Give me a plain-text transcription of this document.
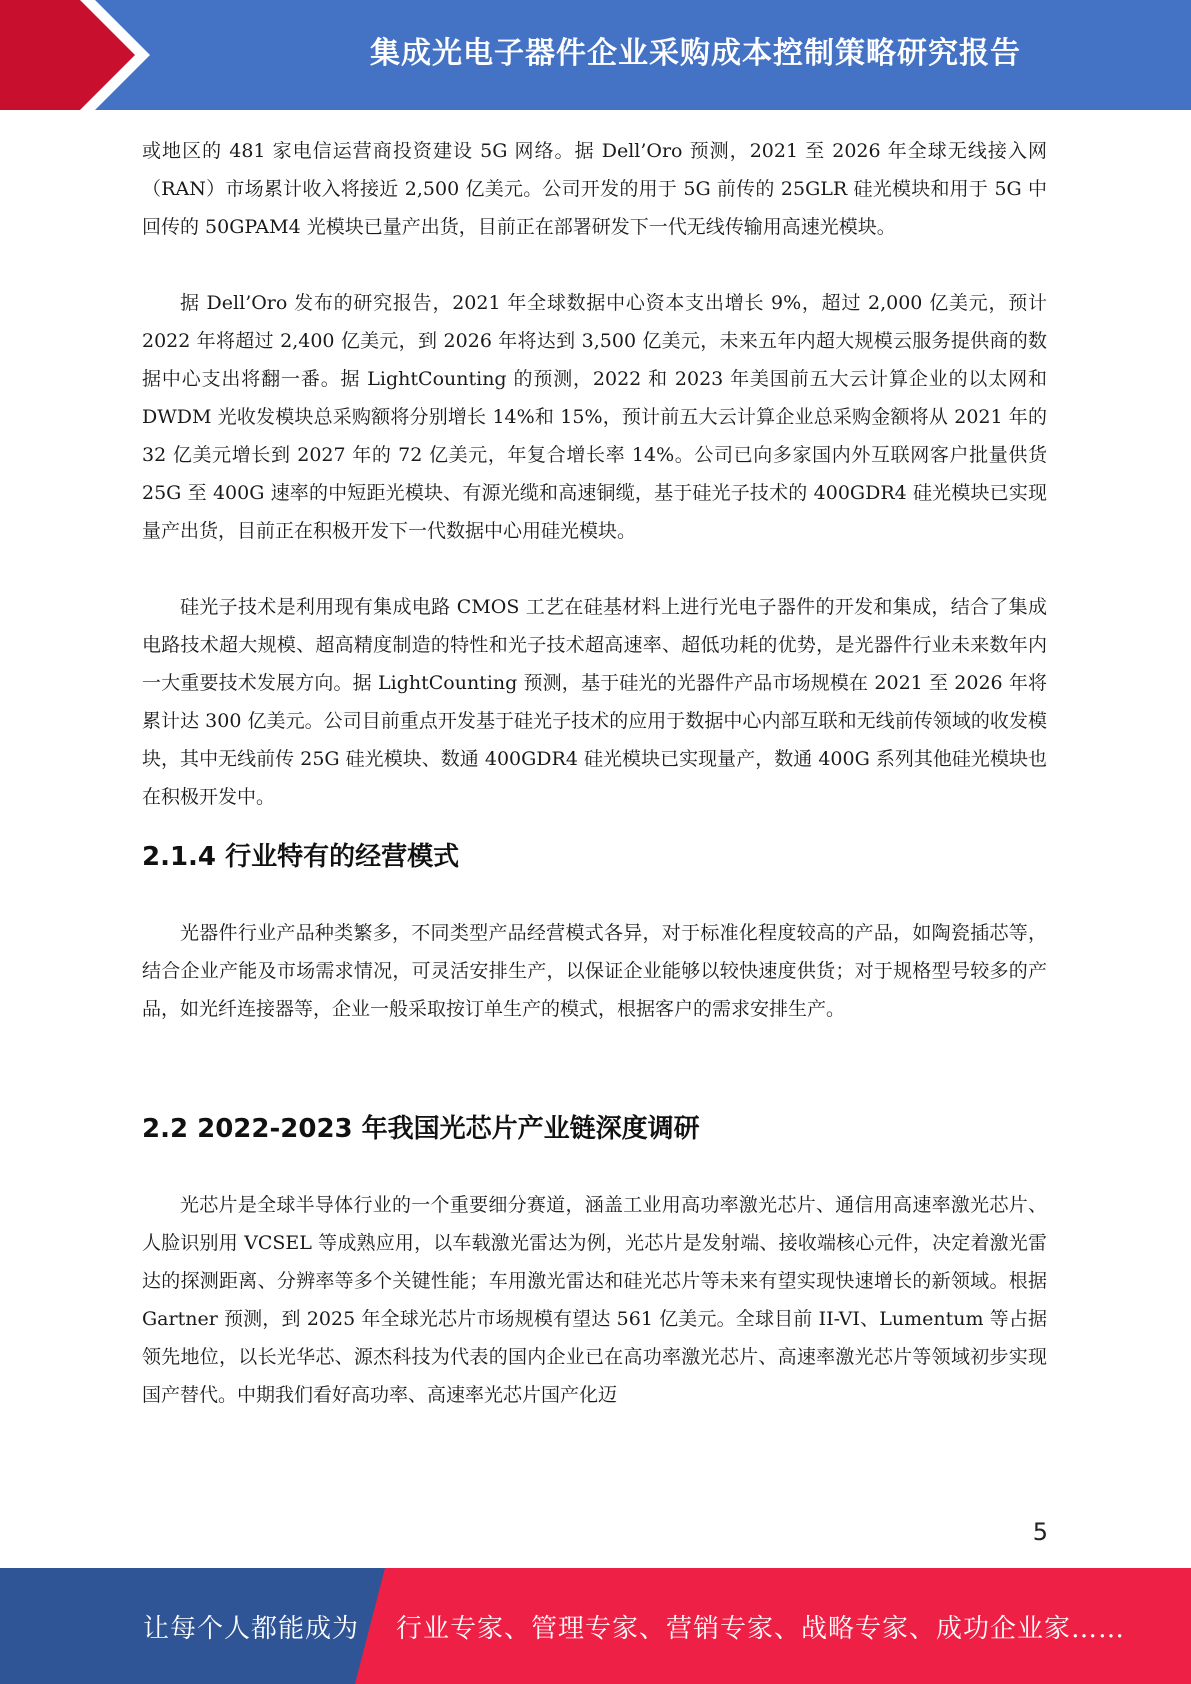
集成光电子器件企业采购成本控制策略研究报告

或地区的 481 家电信运营商投资建设 5G 网络。据 Dell’Oro 预测，2021 至 2026 年全球无线接入网（RAN）市场累计收入将接近 2,500 亿美元。公司开发的用于 5G 前传的 25GLR 硅光模块和用于 5G 中回传的 50GPAM4 光模块已量产出货，目前正在部署研发下一代无线传输用高速光模块。

据 Dell’Oro 发布的研究报告，2021 年全球数据中心资本支出增长 9%，超过 2,000 亿美元，预计 2022 年将超过 2,400 亿美元，到 2026 年将达到 3,500 亿美元，未来五年内超大规模云服务提供商的数据中心支出将翻一番。据 LightCounting 的预测，2022 和 2023 年美国前五大云计算企业的以太网和 DWDM 光收发模块总采购额将分别增长 14%和 15%，预计前五大云计算企业总采购金额将从 2021 年的 32 亿美元增长到 2027 年的 72 亿美元，年复合增长率 14%。公司已向多家国内外互联网客户批量供货 25G 至 400G 速率的中短距光模块、有源光缆和高速铜缆，基于硅光子技术的 400GDR4 硅光模块已实现量产出货，目前正在积极开发下一代数据中心用硅光模块。

硅光子技术是利用现有集成电路 CMOS 工艺在硅基材料上进行光电子器件的开发和集成，结合了集成电路技术超大规模、超高精度制造的特性和光子技术超高速率、超低功耗的优势，是光器件行业未来数年内一大重要技术发展方向。据 LightCounting 预测，基于硅光的光器件产品市场规模在 2021 至 2026 年将累计达 300 亿美元。公司目前重点开发基于硅光子技术的应用于数据中心内部互联和无线前传领域的收发模块，其中无线前传 25G 硅光模块、数通 400GDR4 硅光模块已实现量产，数通 400G 系列其他硅光模块也在积极开发中。

2.1.4 行业特有的经营模式

光器件行业产品种类繁多，不同类型产品经营模式各异，对于标准化程度较高的产品，如陶瓷插芯等，结合企业产能及市场需求情况，可灵活安排生产，以保证企业能够以较快速度供货；对于规格型号较多的产品，如光纤连接器等，企业一般采取按订单生产的模式，根据客户的需求安排生产。

2.2 2022-2023 年我国光芯片产业链深度调研

光芯片是全球半导体行业的一个重要细分赛道，涵盖工业用高功率激光芯片、通信用高速率激光芯片、人脸识别用 VCSEL 等成熟应用，以车载激光雷达为例，光芯片是发射端、接收端核心元件，决定着激光雷达的探测距离、分辨率等多个关键性能；车用激光雷达和硅光芯片等未来有望实现快速增长的新领域。根据 Gartner 预测，到 2025 年全球光芯片市场规模有望达 561 亿美元。全球目前 II-VI、Lumentum 等占据领先地位，以长光华芯、源杰科技为代表的国内企业已在高功率激光芯片、高速率激光芯片等领域初步实现国产替代。中期我们看好高功率、高速率光芯片国产化迈

5
让每个人都能成为 行业专家、管理专家、营销专家、战略专家、成功企业家……
